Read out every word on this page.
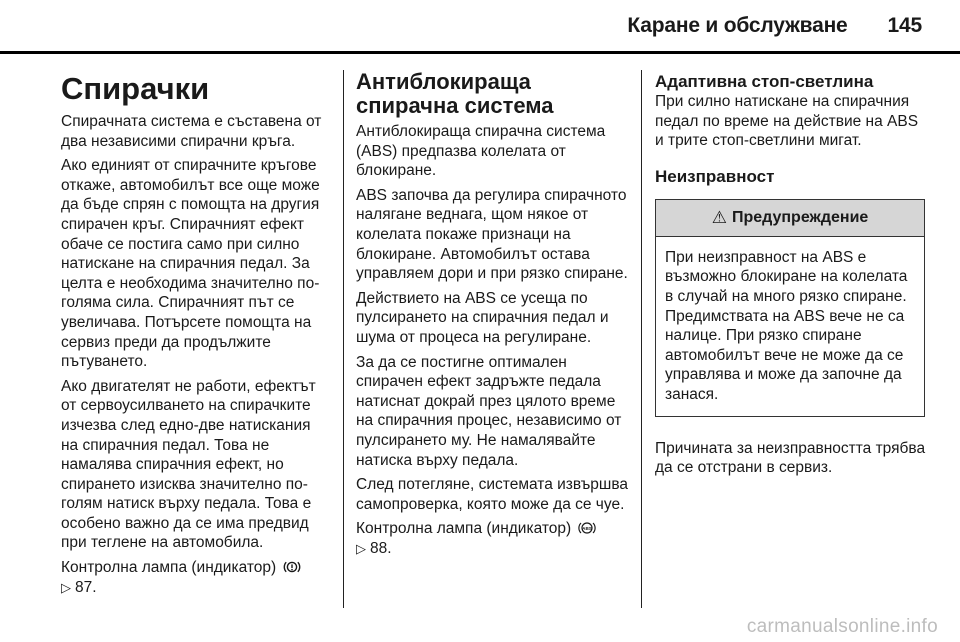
Каране и обслужване 145
Спирачки

Спирачната система е съставена от два независими спирачни кръга.

Ако единият от спирачните кръгове откаже, автомобилът все още може да бъде спрян с помощта на другия спирачен кръг. Спирачният ефект обаче се постига само при силно натискане на спирачния педал. За целта е необходима значително по-голяма сила. Спирачният път се увеличава. Потърсете помощта на сервиз преди да продължите пътуването.

Ако двигателят не работи, ефектът от сервоусилването на спирачките изчезва след едно-две натискания на спирачния педал. Това не намалява спирачния ефект, но спирането изисква значително по-голям натиск върху педала. Това е особено важно да се има предвид при теглене на автомобила.

Контролна лампа (индикатор)
▷ 87.

Антиблокираща спирачна система

Антиблокираща спирачна система (ABS) предпазва колелата от блокиране.

ABS започва да регулира спирачното налягане веднага, щом някое от колелата покаже признаци на блокиране. Автомобилът остава управляем дори и при рязко спиране.

Действието на ABS се усеща по пулсирането на спирачния педал и шума от процеса на регулиране.

За да се постигне оптимален спирачен ефект задръжте педала натиснат докрай през цялото време на спирачния процес, независимо от пулсирането му. Не намалявайте натиска върху педала.

След потегляне, системата извършва самопроверка, която може да се чуе.

Контролна лампа (индикатор) ABS
▷ 88.

Адаптивна стоп-светлина

При силно натискане на спирачния педал по време на действие на ABS и трите стоп-светлини мигат.

Неизправност
⚠ Предупреждение

При неизправност на ABS е възможно блокиране на колелата в случай на много рязко спиране. Предимствата на ABS вече не са налице. При рязко спиране автомобилът вече не може да се управлява и може да започне да занася.

Причината за неизправността трябва да се отстрани в сервиз.

carmanualsonline.info
